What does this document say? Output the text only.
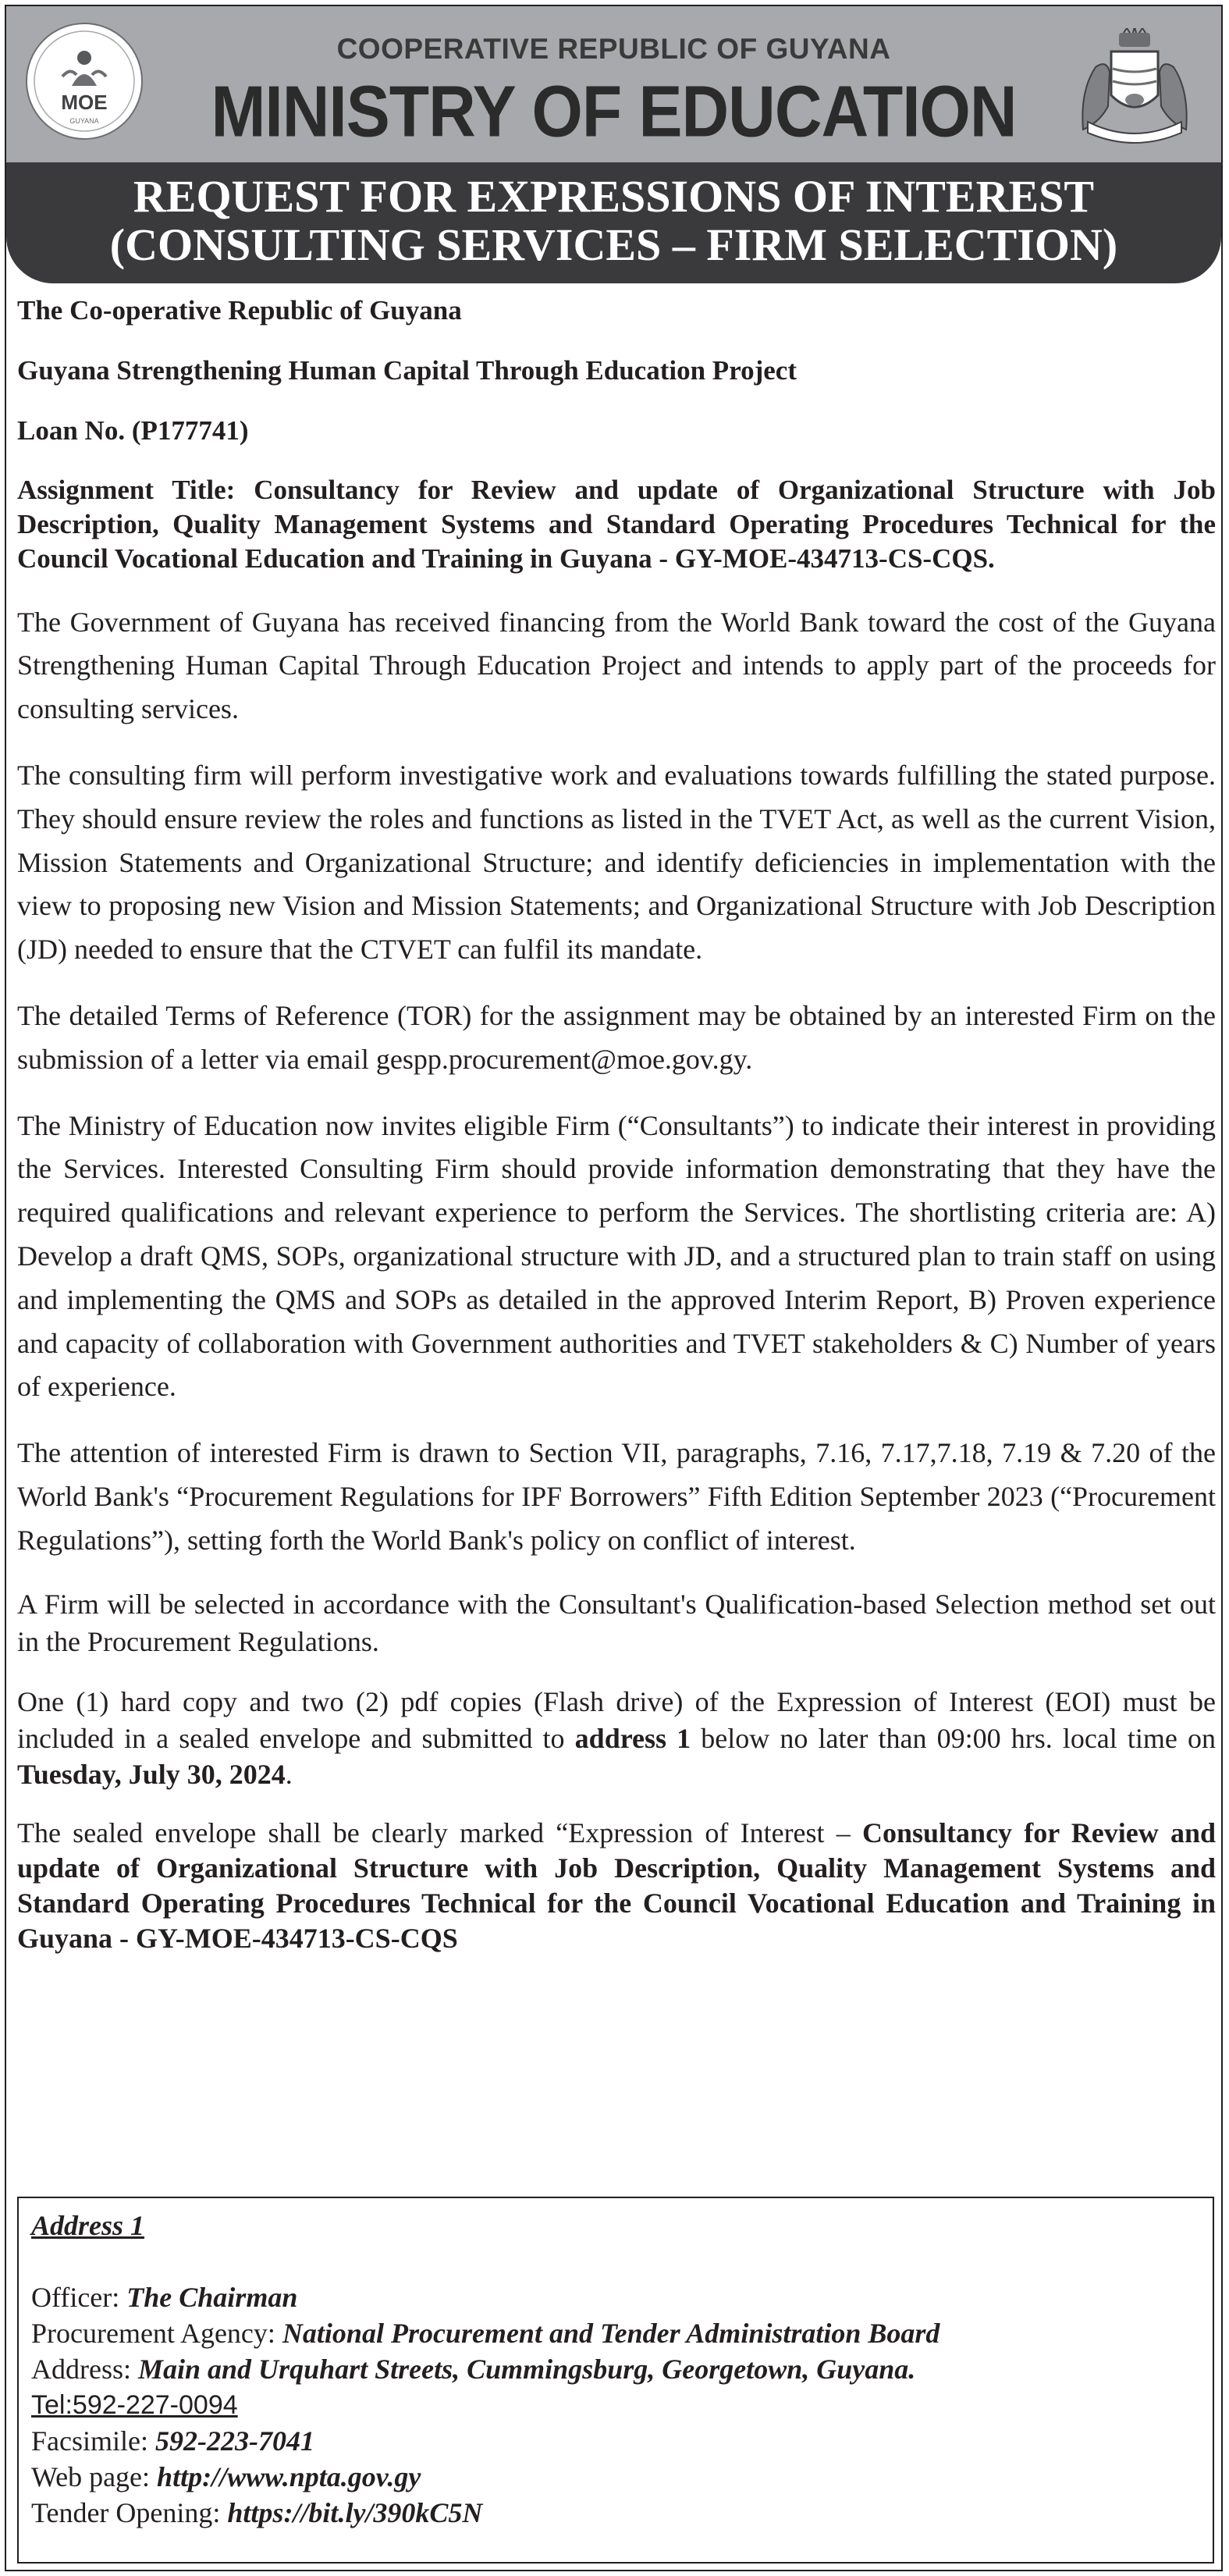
MOE
GUYANA
COOPERATIVE REPUBLIC OF GUYANA
MINISTRY OF EDUCATION
REQUEST FOR EXPRESSIONS OF INTEREST
(CONSULTING SERVICES – FIRM SELECTION)

The Co-operative Republic of Guyana

Guyana Strengthening Human Capital Through Education Project

Loan No. (P177741)

Assignment Title: Consultancy for Review and update of Organizational Structure with Job Description, Quality Management Systems and Standard Operating Procedures Technical for the Council Vocational Education and Training in Guyana - GY-MOE-434713-CS-CQS.

The Government of Guyana has received financing from the World Bank toward the cost of the Guyana Strengthening Human Capital Through Education Project and intends to apply part of the proceeds for consulting services.

The consulting firm will perform investigative work and evaluations towards fulfilling the stated purpose. They should ensure review the roles and functions as listed in the TVET Act, as well as the current Vision, Mission Statements and Organizational Structure; and identify deficiencies in implementation with the view to proposing new Vision and Mission Statements; and Organizational Structure with Job Description (JD) needed to ensure that the CTVET can fulfil its mandate.

The detailed Terms of Reference (TOR) for the assignment may be obtained by an interested Firm on the submission of a letter via email gespp.procurement@moe.gov.gy.

The Ministry of Education now invites eligible Firm (“Consultants”) to indicate their interest in providing the Services. Interested Consulting Firm should provide information demonstrating that they have the required qualifications and relevant experience to perform the Services. The shortlisting criteria are: A) Develop a draft QMS, SOPs, organizational structure with JD, and a structured plan to train staff on using and implementing the QMS and SOPs as detailed in the approved Interim Report, B) Proven experience and capacity of collaboration with Government authorities and TVET stakeholders & C) Number of years of experience.

The attention of interested Firm is drawn to Section VII, paragraphs, 7.16, 7.17,7.18, 7.19 & 7.20 of the World Bank's “Procurement Regulations for IPF Borrowers” Fifth Edition September 2023 (“Procurement Regulations”), setting forth the World Bank's policy on conflict of interest.

A Firm will be selected in accordance with the Consultant's Qualification-based Selection method set out in the Procurement Regulations.

One (1) hard copy and two (2) pdf copies (Flash drive) of the Expression of Interest (EOI) must be included in a sealed envelope and submitted to address 1 below no later than 09:00 hrs. local time on Tuesday, July 30, 2024.

The sealed envelope shall be clearly marked “Expression of Interest – Consultancy for Review and update of Organizational Structure with Job Description, Quality Management Systems and Standard Operating Procedures Technical for the Council Vocational Education and Training in Guyana - GY-MOE-434713-CS-CQS

Address 1
Officer: The Chairman
Procurement Agency: National Procurement and Tender Administration Board
Address: Main and Urquhart Streets, Cummingsburg, Georgetown, Guyana.
Tel:592-227-0094
Facsimile: 592-223-7041
Web page: http://www.npta.gov.gy
Tender Opening: https://bit.ly/390kC5N
